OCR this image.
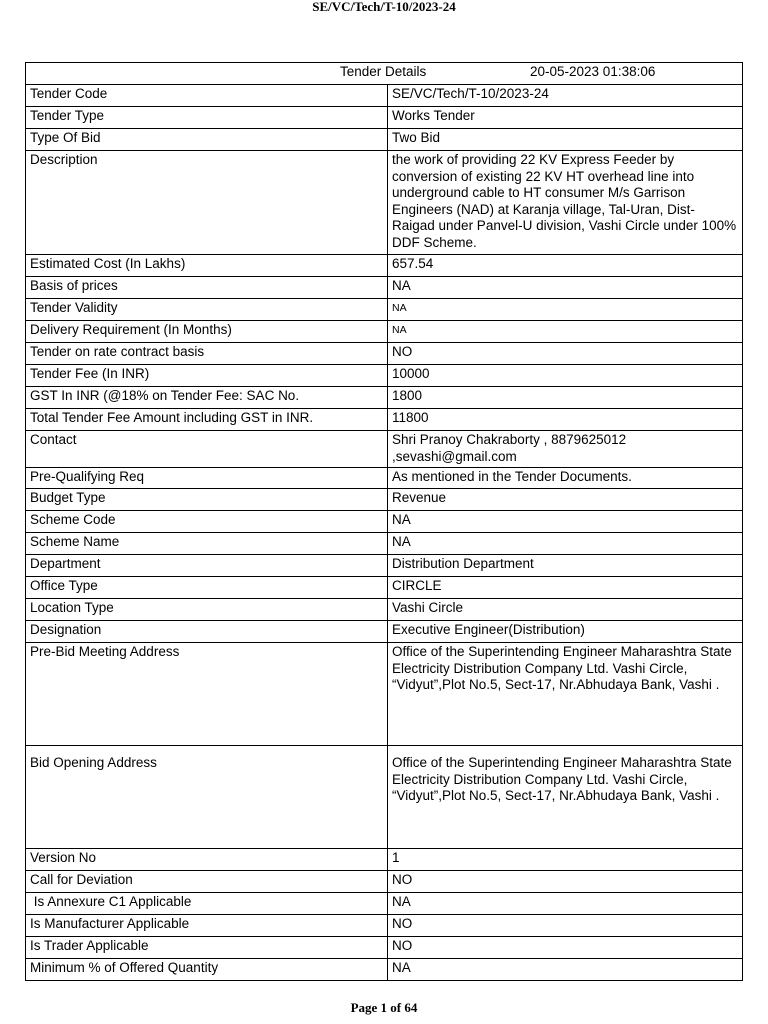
SE/VC/Tech/T-10/2023-24
Tender Details 20-05-2023 01:38:06	

Tender Code	SE/VC/Tech/T-10/2023-24
Tender Type	Works Tender
Type Of Bid	Two Bid
Description	the work of providing 22 KV Express Feeder by conversion of existing 22 KV HT overhead line into underground cable to HT consumer M/s Garrison Engineers (NAD) at Karanja village, Tal-Uran, Dist- Raigad under Panvel-U division, Vashi Circle under 100% DDF Scheme.
Estimated Cost (In Lakhs)	657.54
Basis of prices	NA
Tender Validity	NA
Delivery Requirement (In Months)	NA
Tender on rate contract basis	NO
Tender Fee (In INR)	10000
GST In INR (@18% on Tender Fee: SAC No.	1800
Total Tender Fee Amount including GST in INR.	11800
Contact	Shri Pranoy Chakraborty , 8879625012 ,sevashi@gmail.com
Pre-Qualifying Req	As mentioned in the Tender Documents.
Budget Type	Revenue
Scheme Code	NA
Scheme Name	NA
Department	Distribution Department
Office Type	CIRCLE
Location Type	Vashi Circle
Designation	Executive Engineer(Distribution)
Pre-Bid Meeting Address	Office of the Superintending Engineer Maharashtra State Electricity Distribution Company Ltd. Vashi Circle, “Vidyut”,Plot No.5, Sect-17, Nr.Abhudaya Bank, Vashi .
Bid Opening Address	Office of the Superintending Engineer Maharashtra State Electricity Distribution Company Ltd. Vashi Circle, “Vidyut”,Plot No.5, Sect-17, Nr.Abhudaya Bank, Vashi .
Version No	1
Call for Deviation	NO
Is Annexure C1 Applicable	NA
Is Manufacturer Applicable	NO
Is Trader Applicable	NO
Minimum % of Offered Quantity	NA
Page 1 of 64
